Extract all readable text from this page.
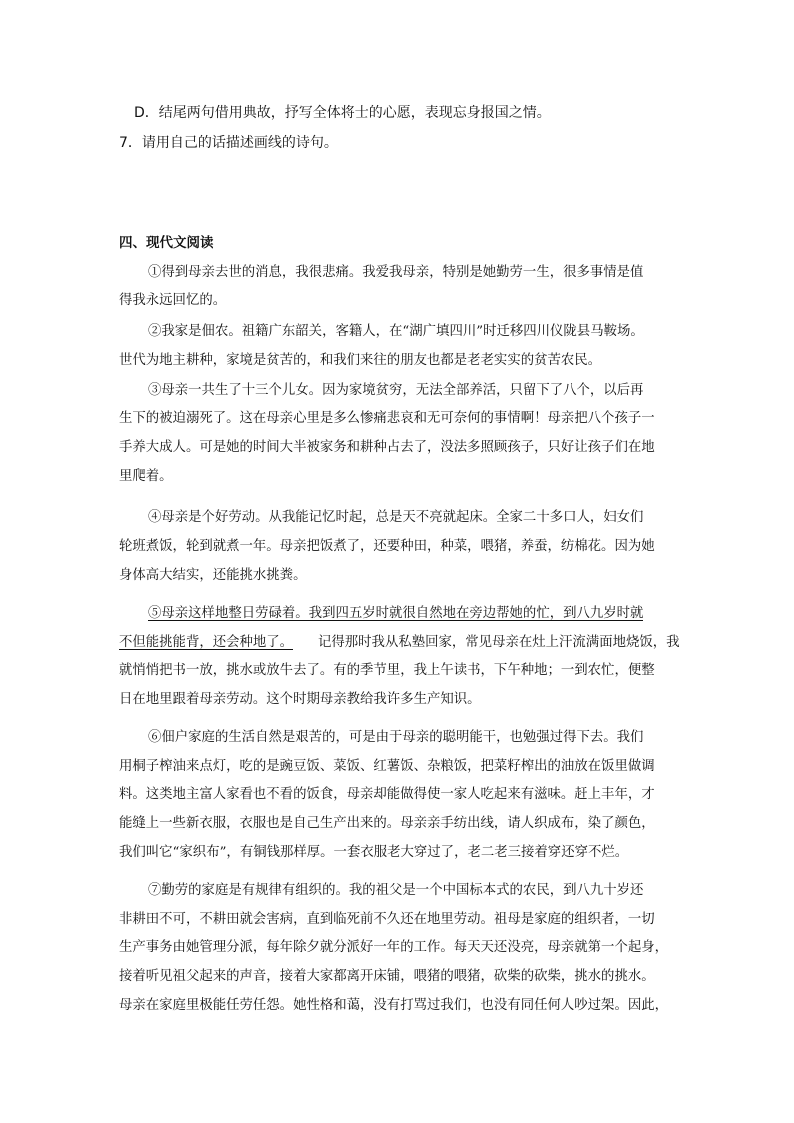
D．结尾两句借用典故，抒写全体将士的心愿，表现忘身报国之情。
7．请用自己的话描述画线的诗句。
四、现代文阅读
①得到母亲去世的消息，我很悲痛。我爱我母亲，特别是她勤劳一生，很多事情是值
得我永远回忆的。
②我家是佃农。祖籍广东韶关，客籍人，在“湖广填四川”时迁移四川仪陇县马鞍场。
世代为地主耕种，家境是贫苦的，和我们来往的朋友也都是老老实实的贫苦农民。
③母亲一共生了十三个儿女。因为家境贫穷，无法全部养活，只留下了八个，以后再
生下的被迫溺死了。这在母亲心里是多么惨痛悲哀和无可奈何的事情啊！母亲把八个孩子一
手养大成人。可是她的时间大半被家务和耕种占去了，没法多照顾孩子，只好让孩子们在地
里爬着。
④母亲是个好劳动。从我能记忆时起，总是天不亮就起床。全家二十多口人，妇女们
轮班煮饭，轮到就煮一年。母亲把饭煮了，还要种田，种菜，喂猪，养蚕，纺棉花。因为她
身体高大结实，还能挑水挑粪。
⑤母亲这样地整日劳碌着。我到四五岁时就很自然地在旁边帮她的忙，到八九岁时就
不但能挑能背，还会种地了。 记得那时我从私塾回家，常见母亲在灶上汗流满面地烧饭，我
就悄悄把书一放，挑水或放牛去了。有的季节里，我上午读书，下午种地；一到农忙，便整
日在地里跟着母亲劳动。这个时期母亲教给我许多生产知识。
⑥佃户家庭的生活自然是艰苦的，可是由于母亲的聪明能干，也勉强过得下去。我们
用桐子榨油来点灯，吃的是豌豆饭、菜饭、红薯饭、杂粮饭，把菜籽榨出的油放在饭里做调
料。这类地主富人家看也不看的饭食，母亲却能做得使一家人吃起来有滋味。赶上丰年，才
能缝上一些新衣服，衣服也是自己生产出来的。母亲亲手纺出线，请人织成布，染了颜色，
我们叫它“家织布”，有铜钱那样厚。一套衣服老大穿过了，老二老三接着穿还穿不烂。
⑦勤劳的家庭是有规律有组织的。我的祖父是一个中国标本式的农民，到八九十岁还
非耕田不可，不耕田就会害病，直到临死前不久还在地里劳动。祖母是家庭的组织者，一切
生产事务由她管理分派，每年除夕就分派好一年的工作。每天天还没亮，母亲就第一个起身，
接着听见祖父起来的声音，接着大家都离开床铺，喂猪的喂猪，砍柴的砍柴，挑水的挑水。
母亲在家庭里极能任劳任怨。她性格和蔼，没有打骂过我们，也没有同任何人吵过架。因此，
